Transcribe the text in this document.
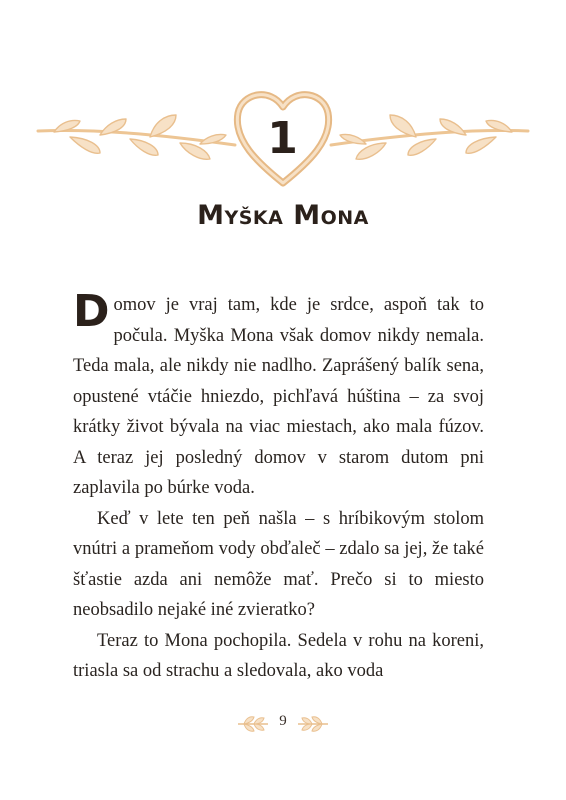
1
Myška Mona

Domov je vraj tam, kde je srdce, aspoň tak to počula. Myška Mona však domov nikdy nemala. Teda mala, ale nikdy nie nadlho. Zaprášený balík sena, opustené vtáčie hniezdo, pichľavá húština – za svoj krátky život bývala na viac miestach, ako mala fúzov. A teraz jej posledný domov v starom dutom pni zaplavila po búrke voda.

Keď v lete ten peň našla – s hríbikovým stolom vnútri a prameňom vody obďaleč – zdalo sa jej, že také šťastie azda ani nemôže mať. Prečo si to miesto neobsadilo nejaké iné zvieratko?

Teraz to Mona pochopila. Sedela v rohu na koreni, triasla sa od strachu a sledovala, ako voda

9
